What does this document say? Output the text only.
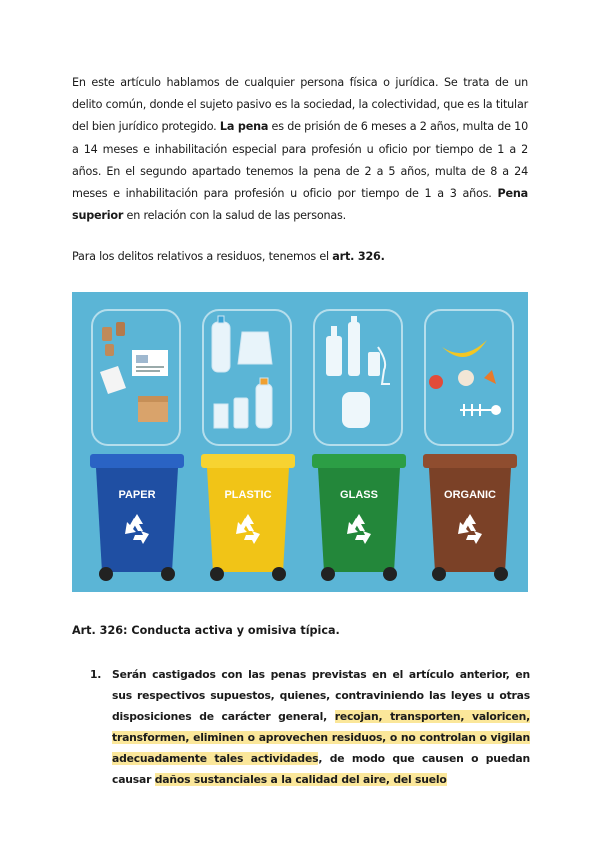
En este artículo hablamos de cualquier persona física o jurídica. Se trata de un delito común, donde el sujeto pasivo es la sociedad, la colectividad, que es la titular del bien jurídico protegido. La pena es de prisión de 6 meses a 2 años, multa de 10 a 14 meses e inhabilitación especial para profesión u oficio por tiempo de 1 a 2 años. En el segundo apartado tenemos la pena de 2 a 5 años, multa de 8 a 24 meses e inhabilitación para profesión u oficio por tiempo de 1 a 3 años. Pena superior en relación con la salud de las personas.

Para los delitos relativos a residuos, tenemos el art. 326.

PAPER	PLASTIC	GLASS	ORGANIC
Art. 326: Conducta activa y omisiva típica.
1. Serán castigados con las penas previstas en el artículo anterior, en sus respectivos supuestos, quienes, contraviniendo las leyes u otras disposiciones de carácter general, recojan, transporten, valoricen, transformen, eliminen o aprovechen residuos, o no controlan o vigilan adecuadamente tales actividades, de modo que causen o puedan causar daños sustanciales a la calidad del aire, del suelo
